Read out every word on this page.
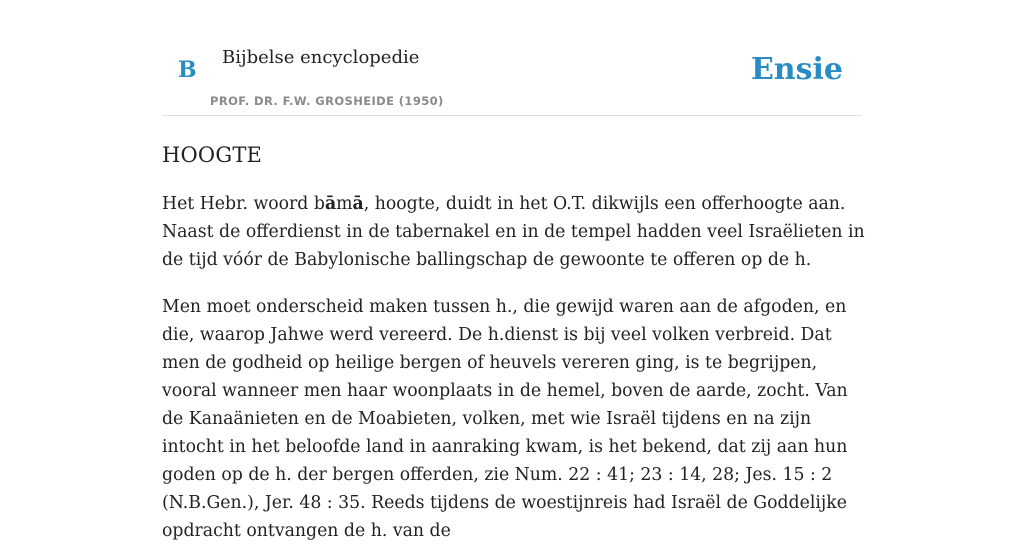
B Bijbelse encyclopedie
PROF. DR. F.W. GROSHEIDE (1950)
Ensie
HOOGTE

Het Hebr. woord bāmā, hoogte, duidt in het O.T. dikwijls een offerhoogte aan. Naast de offerdienst in de tabernakel en in de tempel hadden veel Israëlieten in de tijd vóór de Babylonische ballingschap de gewoonte te offeren op de h.

Men moet onderscheid maken tussen h., die gewijd waren aan de afgoden, en die, waarop Jahwe werd vereerd. De h.dienst is bij veel volken verbreid. Dat men de godheid op heilige bergen of heuvels vereren ging, is te begrijpen, vooral wanneer men haar woonplaats in de hemel, boven de aarde, zocht. Van de Kanaänieten en de Moabieten, volken, met wie Israël tijdens en na zijn intocht in het beloofde land in aanraking kwam, is het bekend, dat zij aan hun goden op de h. der bergen offerden, zie Num. 22 : 41; 23 : 14, 28; Jes. 15 : 2 (N.B.Gen.), Jer. 48 : 35. Reeds tijdens de woestijnreis had Israël de Goddelijke opdracht ontvangen de h. van de
